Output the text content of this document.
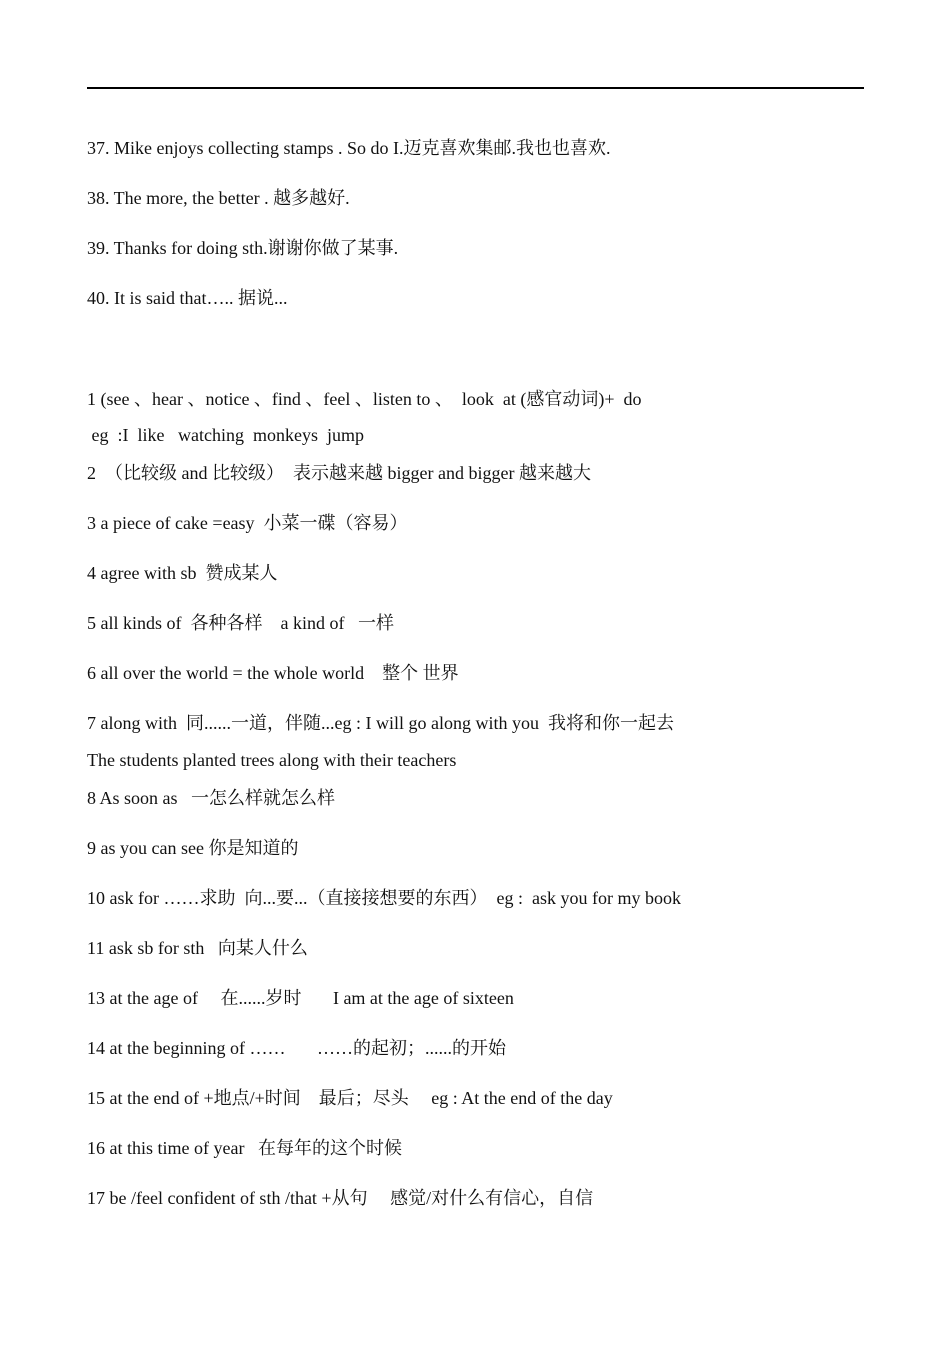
37. Mike enjoys collecting stamps . So do I.迈克喜欢集邮.我也也喜欢.
38. The more, the better . 越多越好.
39. Thanks for doing sth.谢谢你做了某事.
40. It is said that….. 据说...
1 (see 、hear 、notice 、find 、feel 、listen to 、  look  at (感官动词)+  do
eg  :I  like   watching  monkeys  jump
2  （比较级 and 比较级）  表示越来越 bigger and bigger 越来越大
3 a piece of cake =easy  小菜一碟（容易）
4 agree with sb  赞成某人
5 all kinds of  各种各样    a kind of   一样
6 all over the world = the whole world    整个 世界
7 along with  同......一道，伴随...eg : I will go along with you  我将和你一起去
The students planted trees along with their teachers
8 As soon as   一怎么样就怎么样
9 as you can see 你是知道的
10 ask for ……求助  向...要...（直接接想要的东西）  eg :  ask you for my book
11 ask sb for sth   向某人什么
13 at the age of     在......岁时       I am at the age of sixteen
14 at the beginning of ……       ……的起初；......的开始
15 at the end of +地点/+时间    最后；尽头     eg : At the end of the day
16 at this time of year   在每年的这个时候
17 be /feel confident of sth /that +从句     感觉/对什么有信心，自信
